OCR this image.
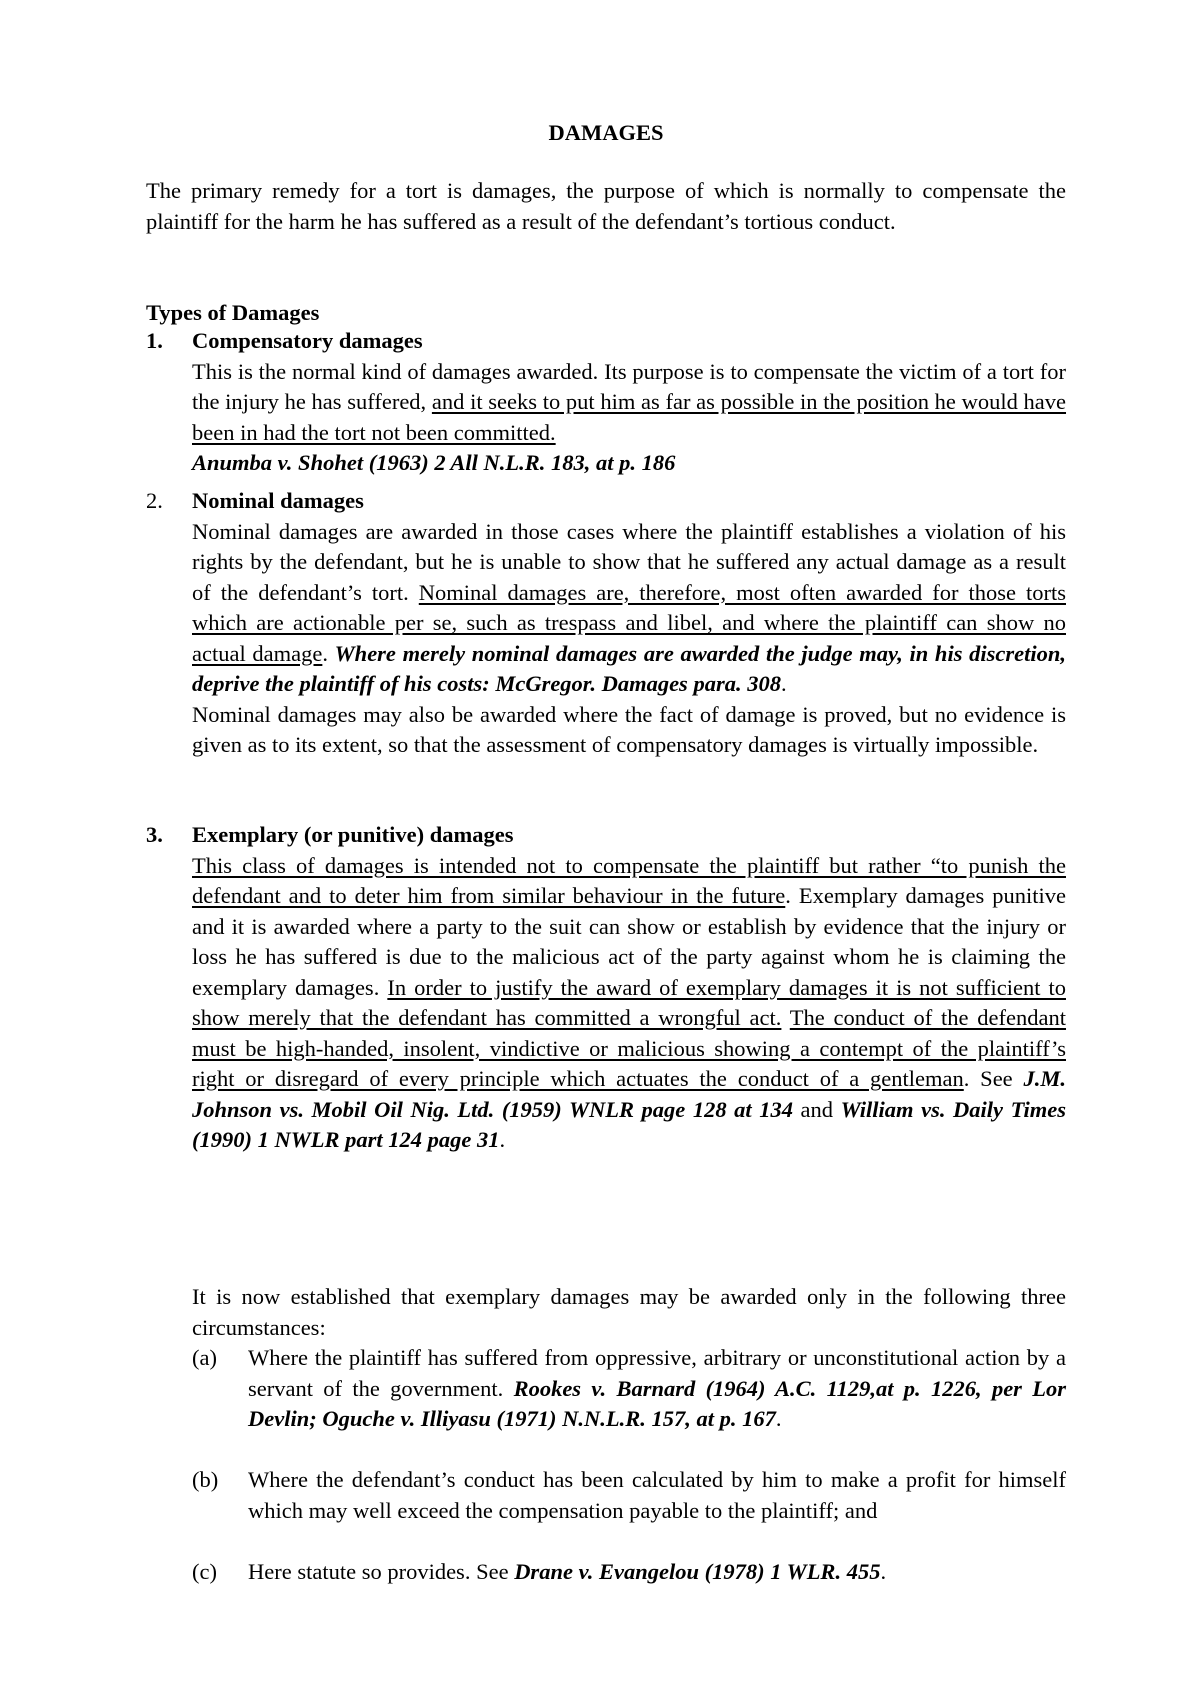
DAMAGES

The primary remedy for a tort is damages, the purpose of which is normally to compensate the plaintiff for the harm he has suffered as a result of the defendant’s tortious conduct.

Types of Damages

1.	Compensatory damages

This is the normal kind of damages awarded. Its purpose is to compensate the victim of a tort for the injury he has suffered, and it seeks to put him as far as possible in the position he would have been in had the tort not been committed.

Anumba v. Shohet (1963) 2 All N.L.R. 183, at p. 186

2.	Nominal damages

Nominal damages are awarded in those cases where the plaintiff establishes a violation of his rights by the defendant, but he is unable to show that he suffered any actual damage as a result of the defendant’s tort. Nominal damages are, therefore, most often awarded for those torts which are actionable per se, such as trespass and libel, and where the plaintiff can show no actual damage. Where merely nominal damages are awarded the judge may, in his discretion, deprive the plaintiff of his costs: McGregor. Damages para. 308.

Nominal damages may also be awarded where the fact of damage is proved, but no evidence is given as to its extent, so that the assessment of compensatory damages is virtually impossible.

3.	Exemplary (or punitive) damages

This class of damages is intended not to compensate the plaintiff but rather “to punish the defendant and to deter him from similar behaviour in the future. Exemplary damages punitive and it is awarded where a party to the suit can show or establish by evidence that the injury or loss he has suffered is due to the malicious act of the party against whom he is claiming the exemplary damages. In order to justify the award of exemplary damages it is not sufficient to show merely that the defendant has committed a wrongful act. The conduct of the defendant must be high-handed, insolent, vindictive or malicious showing a contempt of the plaintiff’s right or disregard of every principle which actuates the conduct of a gentleman. See J.M. Johnson vs. Mobil Oil Nig. Ltd. (1959) WNLR page 128 at 134 and William vs. Daily Times (1990) 1 NWLR part 124 page 31.

It is now established that exemplary damages may be awarded only in the following three circumstances:

(a)	Where the plaintiff has suffered from oppressive, arbitrary or unconstitutional action by a servant of the government. Rookes v. Barnard (1964) A.C. 1129,at p. 1226, per Lor Devlin; Oguche v. Illiyasu (1971) N.N.L.R. 157, at p. 167.

(b)	Where the defendant’s conduct has been calculated by him to make a profit for himself which may well exceed the compensation payable to the plaintiff; and

(c)	Here statute so provides. See Drane v. Evangelou (1978) 1 WLR. 455.
